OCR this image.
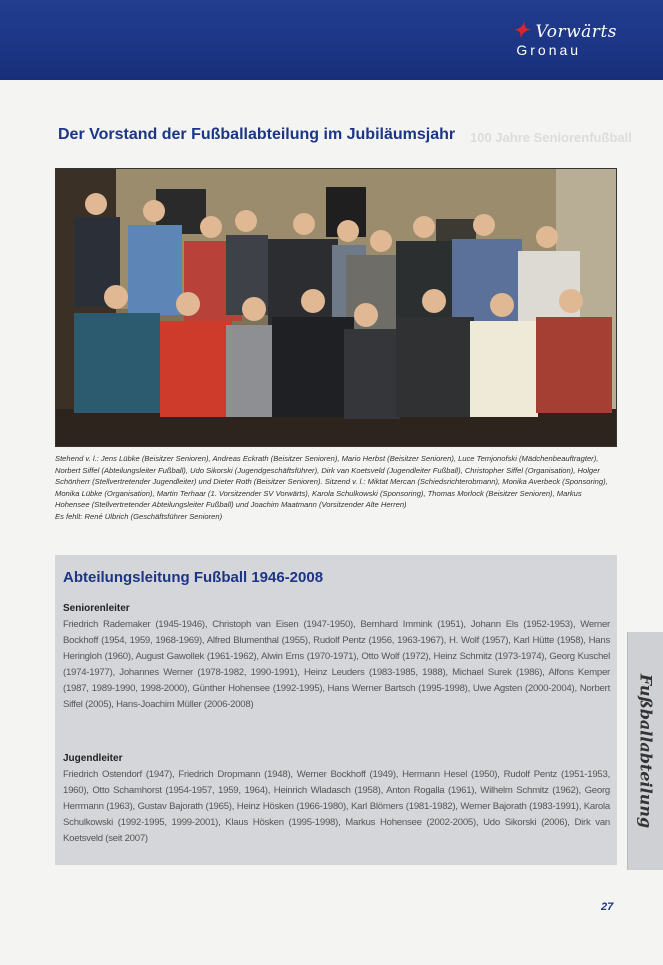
✦ Vorwärts
Gronau
100 Jahre Seniorenfußball
Der Vorstand der Fußballabteilung im Jubiläumsjahr
Stehend v. l.: Jens Lübke (Beisitzer Senioren), Andreas Eckrath (Beisitzer Senioren), Mario Herbst (Beisitzer Senioren), Luce Temjonofski (Mädchenbeauftragter), Norbert Siffel (Abteilungsleiter Fußball), Udo Sikorski (Jugendgeschäftsführer), Dirk van Koetsveld (Jugendleiter Fußball), Christopher Siffel (Organisation), Holger Schönherr (Stellvertretender Jugendleiter) und Dieter Roth (Beisitzer Senioren). Sitzend v. l.: Miktat Mercan (Schiedsrichterobmann), Monika Averbeck (Sponsoring), Monika Lübke (Organisation), Martin Terhaar (1. Vorsitzender SV Vorwärts), Karola Schulkowski (Sponsoring), Thomas Morlock (Beisitzer Senioren), Markus Hohensee (Stellvertretender Abteilungsleiter Fußball) und Joachim Maatmann (Vorsitzender Alte Herren)
Es fehlt: René Ulbrich (Geschäftsführer Senioren)
Abteilungsleitung Fußball 1946-2008
Seniorenleiter
Friedrich Rademaker (1945-1946), Christoph van Eisen (1947-1950), Bernhard Immink (1951), Johann Els (1952-1953), Werner Bockhoff (1954, 1959, 1968-1969), Alfred Blumenthal (1955), Rudolf Pentz (1956, 1963-1967), H. Wolf (1957), Karl Hütte (1958), Hans Heringloh (1960), August Gawollek (1961-1962), Alwin Ems (1970-1971), Otto Wolf (1972), Heinz Schmitz (1973-1974), Georg Kuschel (1974-1977), Johannes Werner (1978-1982, 1990-1991), Heinz Leuders (1983-1985, 1988), Michael Surek (1986), Alfons Kemper (1987, 1989-1990, 1998-2000), Günther Hohensee (1992-1995), Hans Werner Bartsch (1995-1998), Uwe Agsten (2000-2004), Norbert Siffel (2005), Hans-Joachim Müller (2006-2008)
Jugendleiter
Friedrich Ostendorf (1947), Friedrich Dropmann (1948), Werner Bockhoff (1949), Hermann Hesel (1950), Rudolf Pentz (1951-1953, 1960), Otto Schamhorst (1954-1957, 1959, 1964), Heinrich Wladasch (1958), Anton Rogalla (1961), Wilhelm Schmitz (1962), Georg Herrmann (1963), Gustav Bajorath (1965), Heinz Hösken (1966-1980), Karl Blömers (1981-1982), Werner Bajorath (1983-1991), Karola Schulkowski (1992-1995, 1999-2001), Klaus Hösken (1995-1998), Markus Hohensee (2002-2005), Udo Sikorski (2006), Dirk van Koetsveld (seit 2007)
Fußballabteilung
27
